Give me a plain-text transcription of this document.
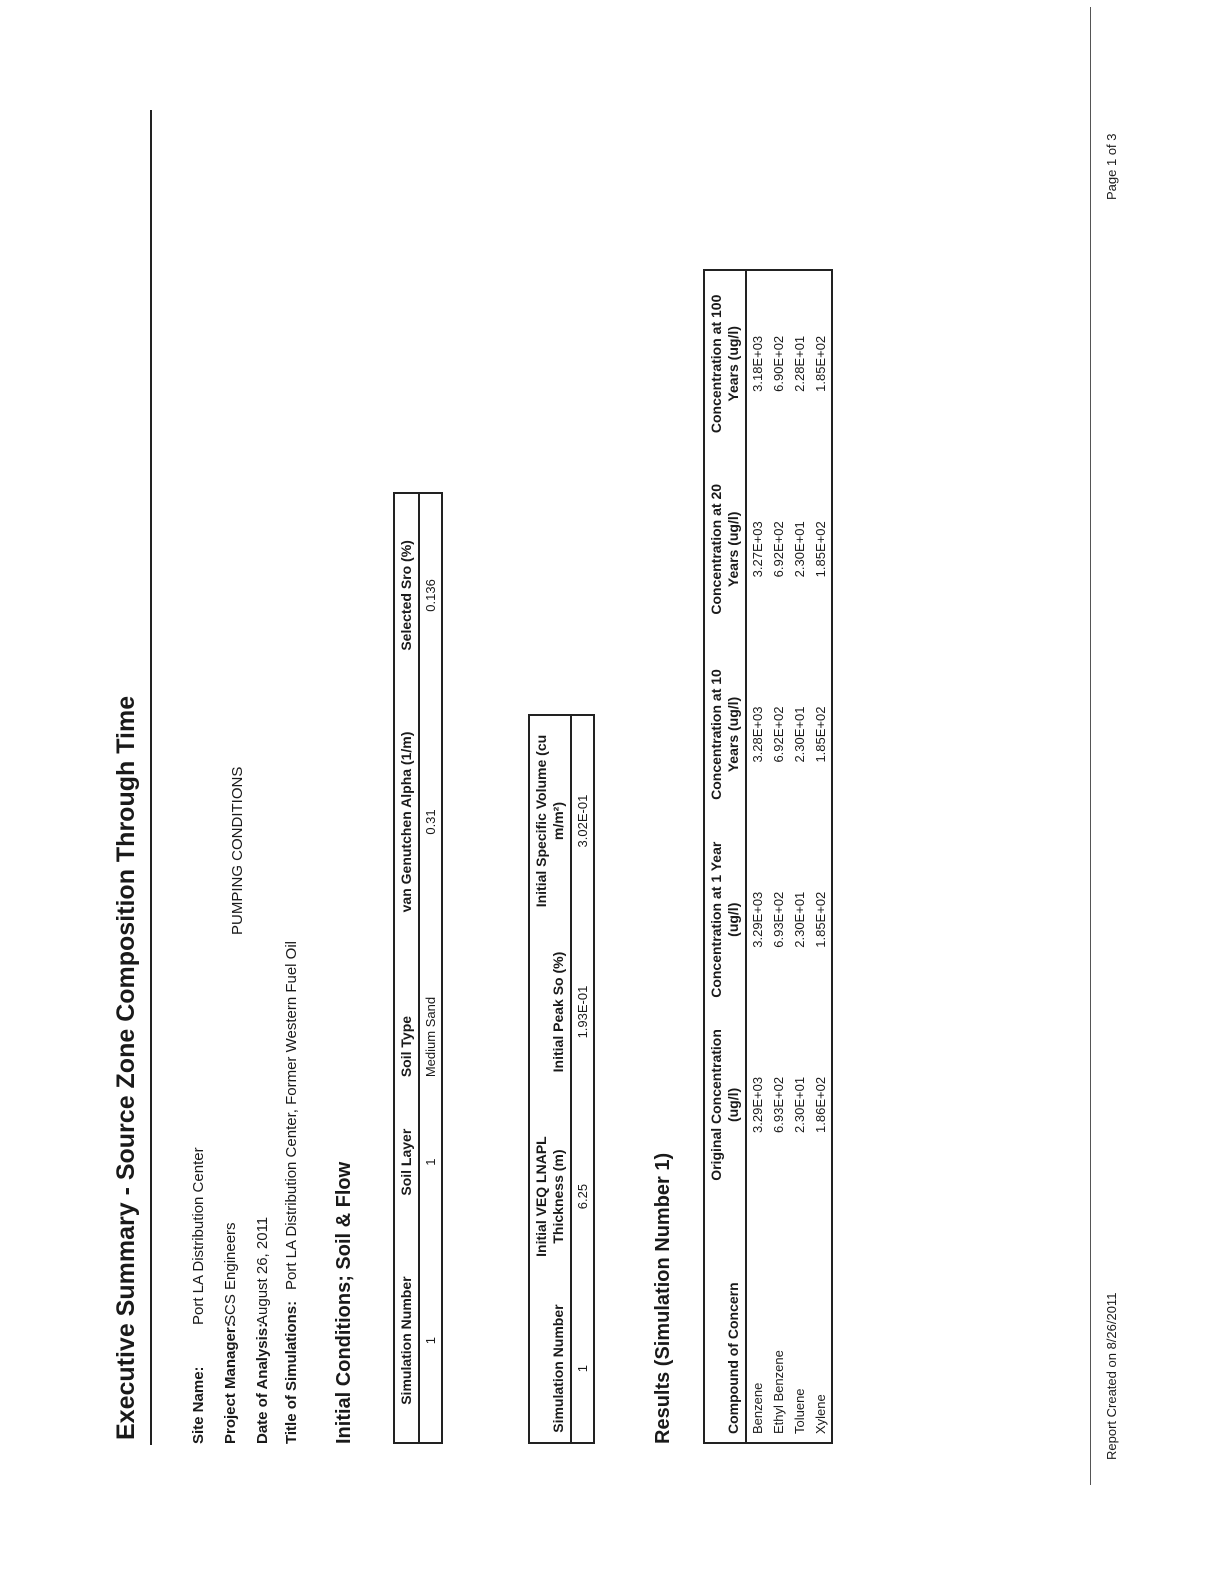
Executive Summary - Source Zone Composition Through Time	Site Name:
Port LA Distribution Center
Project Manager:
SCS Engineers
PUMPING CONDITIONS
Date of Analysis:
August 26, 2011
Title of Simulations:
Port LA Distribution Center, Former Western Fuel Oil
Initial Conditions; Soil & Flow	Simulation Number	Soil Layer	Soil Type	van Genutchen Alpha (1/m)	Selected Sro (%)
1	1	Medium Sand	0.31	0.136
Simulation Number	Initial VEQ LNAPL Thickness (m)	Initial Peak So (%)	Initial Specific Volume (cu m/m²)
1	6.25	1.93E-01	3.02E-01
Results (Simulation Number 1)	Compound of Concern	Original Concentration (ug/l)	Concentration at 1 Year (ug/l)	Concentration at 10 Years (ug/l)	Concentration at 20 Years (ug/l)	Concentration at 100 Years (ug/l)
Benzene	3.29E+03	3.29E+03	3.28E+03	3.27E+03	3.18E+03
Ethyl Benzene	6.93E+02	6.93E+02	6.92E+02	6.92E+02	6.90E+02
Toluene	2.30E+01	2.30E+01	2.30E+01	2.30E+01	2.28E+01
Xylene	1.86E+02	1.85E+02	1.85E+02	1.85E+02	1.85E+02
Report Created on 8/26/2011
Page 1 of 3
